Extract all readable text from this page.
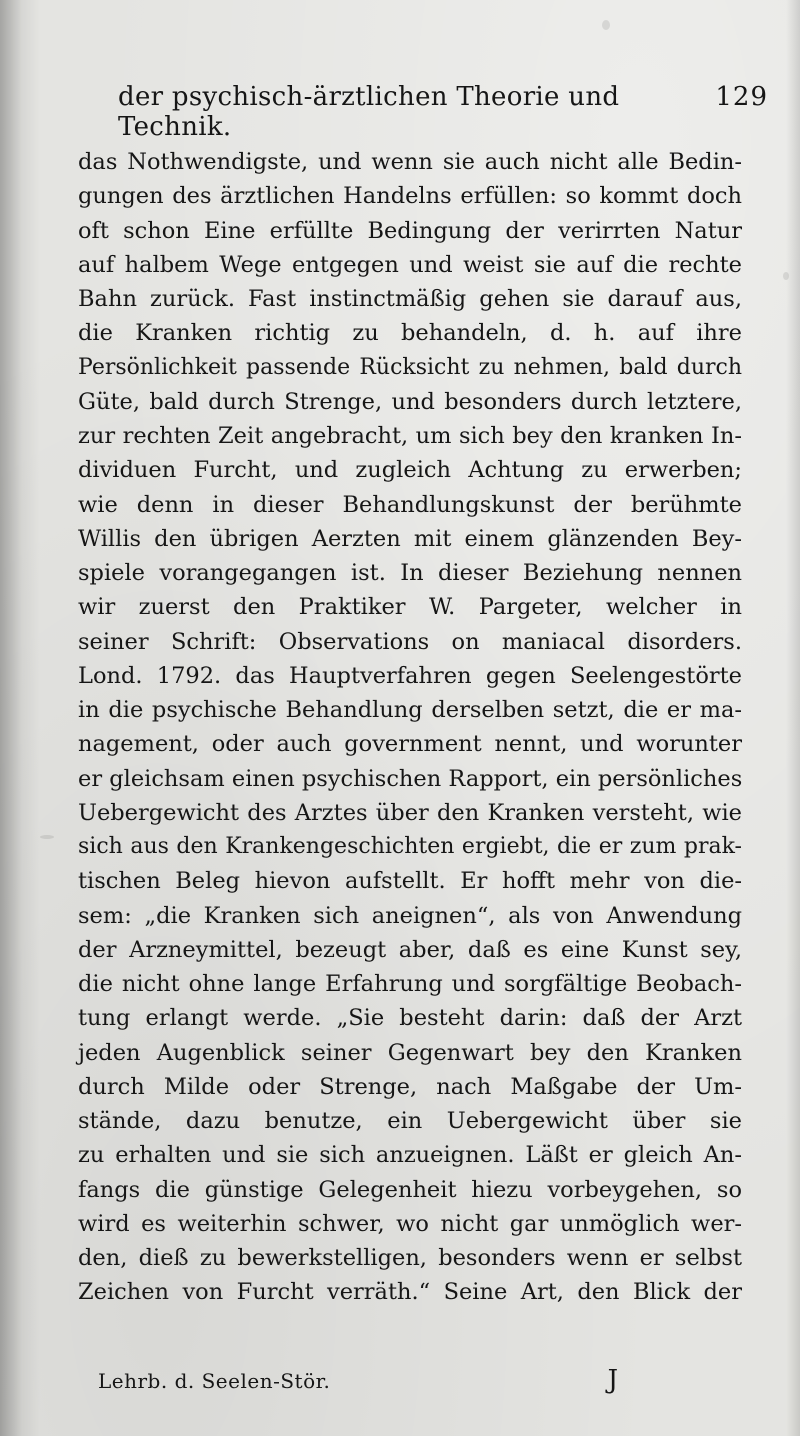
der psychisch-ärztlichen Theorie und Technik.
129
das Nothwendigste, und wenn sie auch nicht alle Bedin-
gungen des ärztlichen Handelns erfüllen: so kommt doch
oft schon Eine erfüllte Bedingung der verirrten Natur
auf halbem Wege entgegen und weist sie auf die rechte
Bahn zurück. Fast instinctmäßig gehen sie darauf aus,
die Kranken richtig zu behandeln, d. h. auf ihre
Persönlichkeit passende Rücksicht zu nehmen, bald durch
Güte, bald durch Strenge, und besonders durch letztere,
zur rechten Zeit angebracht, um sich bey den kranken In-
dividuen Furcht, und zugleich Achtung zu erwerben;
wie denn in dieser Behandlungskunst der berühmte
Willis den übrigen Aerzten mit einem glänzenden Bey-
spiele vorangegangen ist. In dieser Beziehung nennen
wir zuerst den Praktiker W. Pargeter, welcher in
seiner Schrift: Observations on maniacal disorders.
Lond. 1792. das Hauptverfahren gegen Seelengestörte
in die psychische Behandlung derselben setzt, die er ma-
nagement, oder auch government nennt, und worunter
er gleichsam einen psychischen Rapport, ein persönliches
Uebergewicht des Arztes über den Kranken versteht, wie
sich aus den Krankengeschichten ergiebt, die er zum prak-
tischen Beleg hievon aufstellt. Er hofft mehr von die-
sem: „die Kranken sich aneignen“, als von Anwendung
der Arzneymittel, bezeugt aber, daß es eine Kunst sey,
die nicht ohne lange Erfahrung und sorgfältige Beobach-
tung erlangt werde. „Sie besteht darin: daß der Arzt
jeden Augenblick seiner Gegenwart bey den Kranken
durch Milde oder Strenge, nach Maßgabe der Um-
stände, dazu benutze, ein Uebergewicht über sie
zu erhalten und sie sich anzueignen. Läßt er gleich An-
fangs die günstige Gelegenheit hiezu vorbeygehen, so
wird es weiterhin schwer, wo nicht gar unmöglich wer-
den, dieß zu bewerkstelligen, besonders wenn er selbst
Zeichen von Furcht verräth.“ Seine Art, den Blick der
Lehrb. d. Seelen-Stör.	J
